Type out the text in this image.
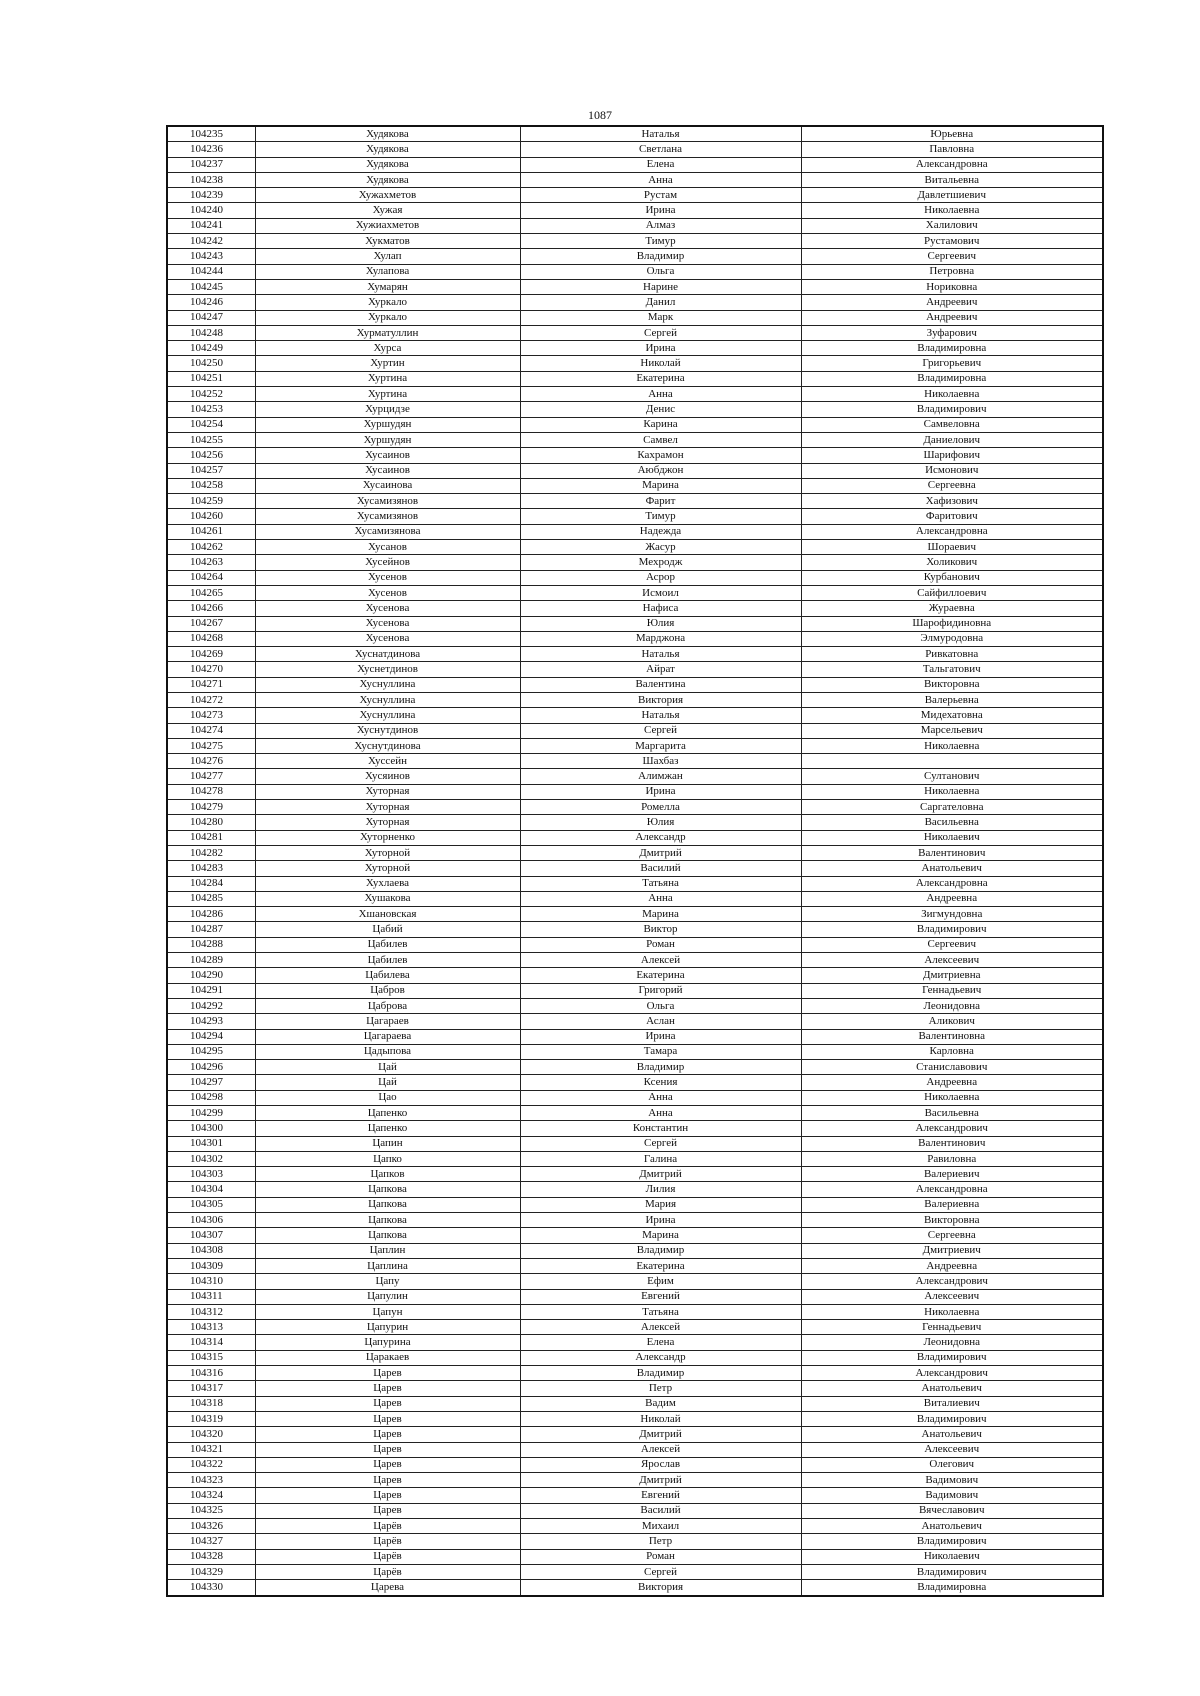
1087
104235	Худякова	Наталья	Юрьевна
104236	Худякова	Светлана	Павловна
104237	Худякова	Елена	Александровна
104238	Худякова	Анна	Витальевна
104239	Хужахметов	Рустам	Давлетшиевич
104240	Хужая	Ирина	Николаевна
104241	Хужиахметов	Алмаз	Халилович
104242	Хукматов	Тимур	Рустамович
104243	Хулап	Владимир	Сергеевич
104244	Хулапова	Ольга	Петровна
104245	Хумарян	Нарине	Нориковна
104246	Хуркало	Данил	Андреевич
104247	Хуркало	Марк	Андреевич
104248	Хурматуллин	Сергей	Зуфарович
104249	Хурса	Ирина	Владимировна
104250	Хуртин	Николай	Григорьевич
104251	Хуртина	Екатерина	Владимировна
104252	Хуртина	Анна	Николаевна
104253	Хурцидзе	Денис	Владимирович
104254	Хуршудян	Карина	Самвеловна
104255	Хуршудян	Самвел	Даниелович
104256	Хусаинов	Кахрамон	Шарифович
104257	Хусаинов	Аюбджон	Исмонович
104258	Хусаинова	Марина	Сергеевна
104259	Хусамизянов	Фарит	Хафизович
104260	Хусамизянов	Тимур	Фаритович
104261	Хусамизянова	Надежда	Александровна
104262	Хусанов	Жасур	Шораевич
104263	Хусейнов	Мехродж	Холикович
104264	Хусенов	Асрор	Курбанович
104265	Хусенов	Исмоил	Сайфиллоевич
104266	Хусенова	Нафиса	Жураевна
104267	Хусенова	Юлия	Шарофидиновна
104268	Хусенова	Марджона	Элмуродовна
104269	Хуснатдинова	Наталья	Ривкатовна
104270	Хуснетдинов	Айрат	Тальгатович
104271	Хуснуллина	Валентина	Викторовна
104272	Хуснуллина	Виктория	Валерьевна
104273	Хуснуллина	Наталья	Мидехатовна
104274	Хуснутдинов	Сергей	Марсельевич
104275	Хуснутдинова	Маргарита	Николаевна
104276	Хуссейн	Шахбаз	
104277	Хусяинов	Алимжан	Султанович
104278	Хуторная	Ирина	Николаевна
104279	Хуторная	Ромелла	Саргателовна
104280	Хуторная	Юлия	Васильевна
104281	Хуторненко	Александр	Николаевич
104282	Хуторной	Дмитрий	Валентинович
104283	Хуторной	Василий	Анатольевич
104284	Хухлаева	Татьяна	Александровна
104285	Хушакова	Анна	Андреевна
104286	Хшановская	Марина	Зигмундовна
104287	Цабий	Виктор	Владимирович
104288	Цабилев	Роман	Сергеевич
104289	Цабилев	Алексей	Алексеевич
104290	Цабилева	Екатерина	Дмитриевна
104291	Цабров	Григорий	Геннадьевич
104292	Цаброва	Ольга	Леонидовна
104293	Цагараев	Аслан	Аликович
104294	Цагараева	Ирина	Валентиновна
104295	Цадыпова	Тамара	Карловна
104296	Цай	Владимир	Станиславович
104297	Цай	Ксения	Андреевна
104298	Цао	Анна	Николаевна
104299	Цапенко	Анна	Васильевна
104300	Цапенко	Константин	Александрович
104301	Цапин	Сергей	Валентинович
104302	Цапко	Галина	Равиловна
104303	Цапков	Дмитрий	Валериевич
104304	Цапкова	Лилия	Александровна
104305	Цапкова	Мария	Валериевна
104306	Цапкова	Ирина	Викторовна
104307	Цапкова	Марина	Сергеевна
104308	Цаплин	Владимир	Дмитриевич
104309	Цаплина	Екатерина	Андреевна
104310	Цапу	Ефим	Александрович
104311	Цапулин	Евгений	Алексеевич
104312	Цапун	Татьяна	Николаевна
104313	Цапурин	Алексей	Геннадьевич
104314	Цапурина	Елена	Леонидовна
104315	Царакаев	Александр	Владимирович
104316	Царев	Владимир	Александрович
104317	Царев	Петр	Анатольевич
104318	Царев	Вадим	Виталиевич
104319	Царев	Николай	Владимирович
104320	Царев	Дмитрий	Анатольевич
104321	Царев	Алексей	Алексеевич
104322	Царев	Ярослав	Олегович
104323	Царев	Дмитрий	Вадимович
104324	Царев	Евгений	Вадимович
104325	Царев	Василий	Вячеславович
104326	Царёв	Михаил	Анатольевич
104327	Царёв	Петр	Владимирович
104328	Царёв	Роман	Николаевич
104329	Царёв	Сергей	Владимирович
104330	Царева	Виктория	Владимировна
